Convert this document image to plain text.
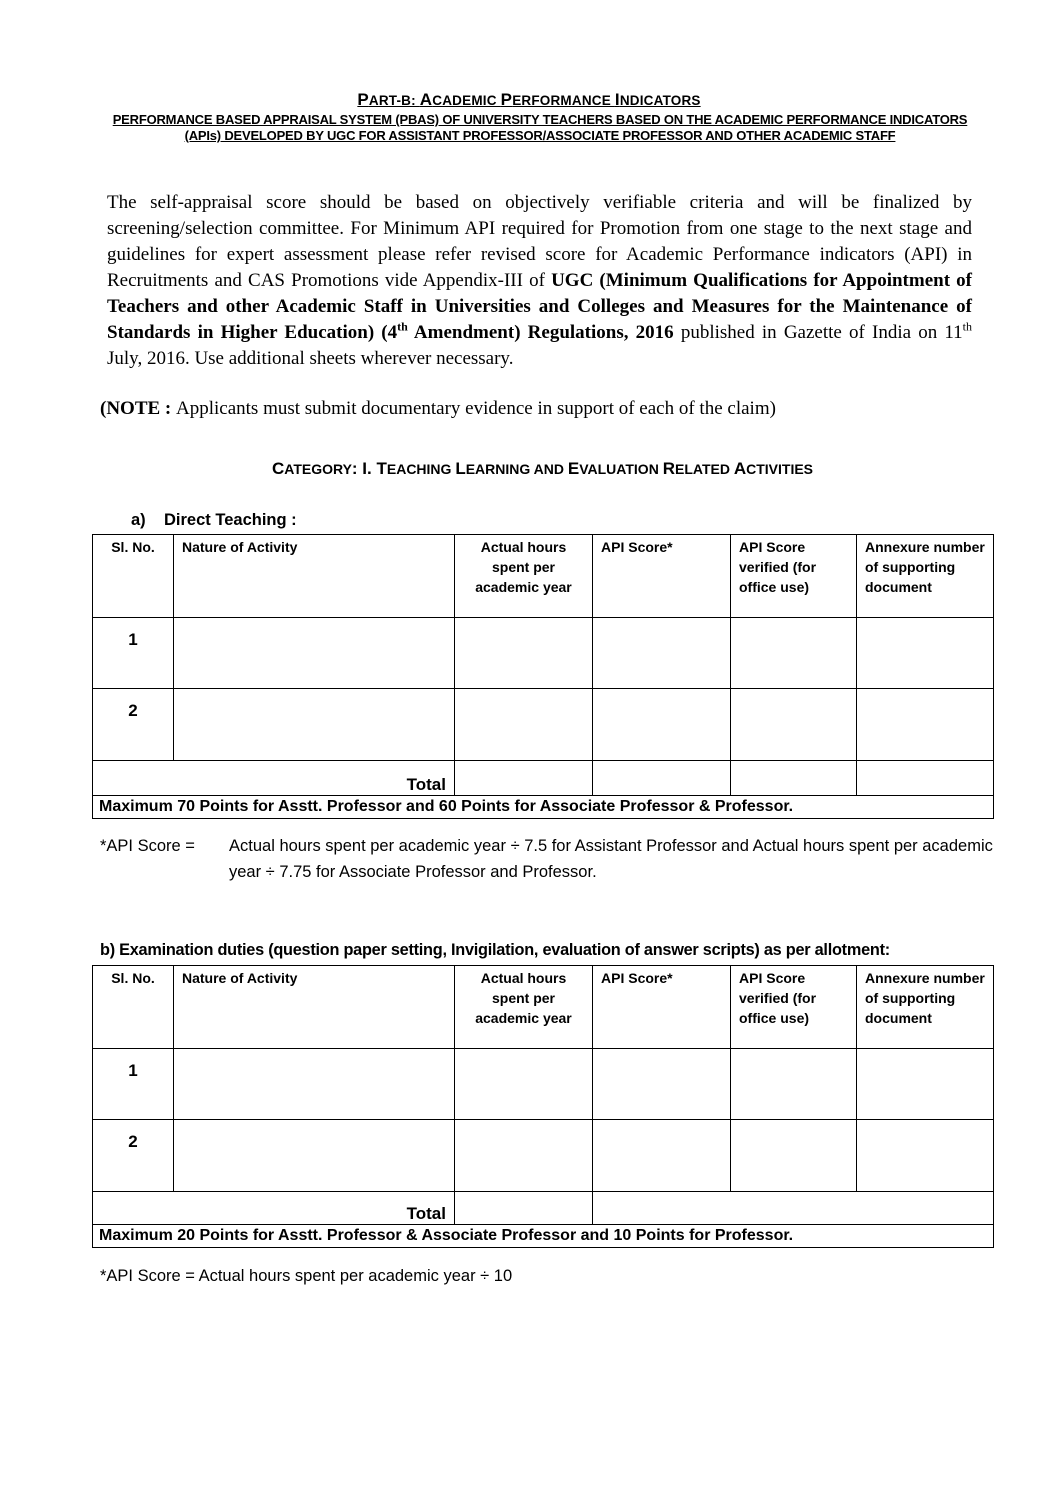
PART-B: ACADEMIC PERFORMANCE INDICATORS
PERFORMANCE BASED APPRAISAL SYSTEM (PBAS) OF UNIVERSITY TEACHERS BASED ON THE ACADEMIC PERFORMANCE INDICATORS (APIs) DEVELOPED BY UGC FOR ASSISTANT PROFESSOR/ASSOCIATE PROFESSOR AND OTHER ACADEMIC STAFF
The self-appraisal score should be based on objectively verifiable criteria and will be finalized by screening/selection committee. For Minimum API required for Promotion from one stage to the next stage and guidelines for expert assessment please refer revised score for Academic Performance indicators (API) in Recruitments and CAS Promotions vide Appendix-III of UGC (Minimum Qualifications for Appointment of Teachers and other Academic Staff in Universities and Colleges and Measures for the Maintenance of Standards in Higher Education) (4th Amendment) Regulations, 2016 published in Gazette of India on 11th July, 2016. Use additional sheets wherever necessary.
(NOTE : Applicants must submit documentary evidence in support of each of the claim)
CATEGORY: I. TEACHING LEARNING AND EVALUATION RELATED ACTIVITIES
a)    Direct Teaching :
Sl. No.	Nature of Activity	Actual hours spent per academic year	API Score*	API Score verified (for office use)	Annexure number of supporting document
1					
2					
Total					
Maximum 70 Points for Asstt. Professor and 60 Points for Associate Professor & Professor.					
*API Score = Actual hours spent per academic year ÷ 7.5 for Assistant Professor and Actual hours spent per academic year ÷ 7.75 for Associate Professor and Professor.
b) Examination duties (question paper setting, Invigilation, evaluation of answer scripts) as per allotment:
Sl. No.	Nature of Activity	Actual hours spent per academic year	API Score*	API Score verified (for office use)	Annexure number of supporting document
1					
2					
Total					
Maximum 20 Points for Asstt. Professor & Associate Professor and 10 Points for Professor.					
*API Score = Actual hours spent per academic year ÷ 10
